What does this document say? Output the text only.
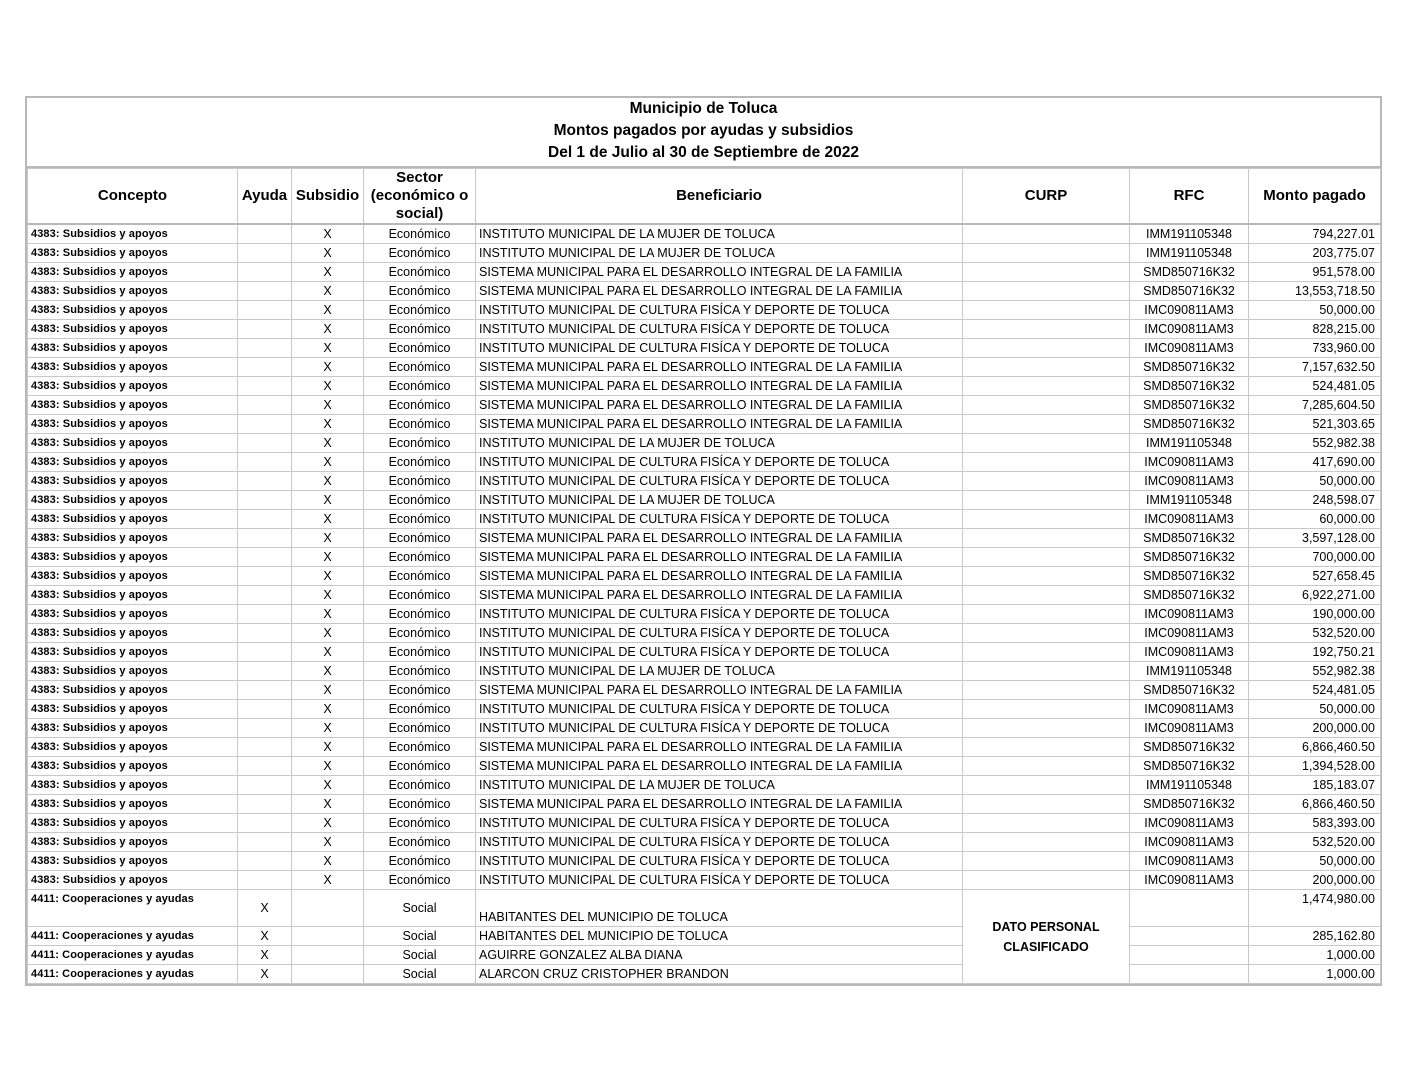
Municipio de Toluca
Montos pagados por ayudas y subsidios
Del 1 de Julio al 30 de Septiembre de 2022
Concepto	Ayuda	Subsidio	Sector (económico o social)	Beneficiario	CURP	RFC	Monto pagado
4383: Subsidios y apoyos		X	Económico	INSTITUTO MUNICIPAL DE LA MUJER DE TOLUCA		IMM191105348	794,227.01
4383: Subsidios y apoyos		X	Económico	INSTITUTO MUNICIPAL DE LA MUJER DE TOLUCA		IMM191105348	203,775.07
4383: Subsidios y apoyos		X	Económico	SISTEMA MUNICIPAL PARA EL DESARROLLO INTEGRAL DE LA FAMILIA		SMD850716K32	951,578.00
4383: Subsidios y apoyos		X	Económico	SISTEMA MUNICIPAL PARA EL DESARROLLO INTEGRAL DE LA FAMILIA		SMD850716K32	13,553,718.50
4383: Subsidios y apoyos		X	Económico	INSTITUTO MUNICIPAL DE CULTURA FISÍCA Y DEPORTE DE TOLUCA		IMC090811AM3	50,000.00
4383: Subsidios y apoyos		X	Económico	INSTITUTO MUNICIPAL DE CULTURA FISÍCA Y DEPORTE DE TOLUCA		IMC090811AM3	828,215.00
4383: Subsidios y apoyos		X	Económico	INSTITUTO MUNICIPAL DE CULTURA FISÍCA Y DEPORTE DE TOLUCA		IMC090811AM3	733,960.00
4383: Subsidios y apoyos		X	Económico	SISTEMA MUNICIPAL PARA EL DESARROLLO INTEGRAL DE LA FAMILIA		SMD850716K32	7,157,632.50
4383: Subsidios y apoyos		X	Económico	SISTEMA MUNICIPAL PARA EL DESARROLLO INTEGRAL DE LA FAMILIA		SMD850716K32	524,481.05
4383: Subsidios y apoyos		X	Económico	SISTEMA MUNICIPAL PARA EL DESARROLLO INTEGRAL DE LA FAMILIA		SMD850716K32	7,285,604.50
4383: Subsidios y apoyos		X	Económico	SISTEMA MUNICIPAL PARA EL DESARROLLO INTEGRAL DE LA FAMILIA		SMD850716K32	521,303.65
4383: Subsidios y apoyos		X	Económico	INSTITUTO MUNICIPAL DE LA MUJER DE TOLUCA		IMM191105348	552,982.38
4383: Subsidios y apoyos		X	Económico	INSTITUTO MUNICIPAL DE CULTURA FISÍCA Y DEPORTE DE TOLUCA		IMC090811AM3	417,690.00
4383: Subsidios y apoyos		X	Económico	INSTITUTO MUNICIPAL DE CULTURA FISÍCA Y DEPORTE DE TOLUCA		IMC090811AM3	50,000.00
4383: Subsidios y apoyos		X	Económico	INSTITUTO MUNICIPAL DE LA MUJER DE TOLUCA		IMM191105348	248,598.07
4383: Subsidios y apoyos		X	Económico	INSTITUTO MUNICIPAL DE CULTURA FISÍCA Y DEPORTE DE TOLUCA		IMC090811AM3	60,000.00
4383: Subsidios y apoyos		X	Económico	SISTEMA MUNICIPAL PARA EL DESARROLLO INTEGRAL DE LA FAMILIA		SMD850716K32	3,597,128.00
4383: Subsidios y apoyos		X	Económico	SISTEMA MUNICIPAL PARA EL DESARROLLO INTEGRAL DE LA FAMILIA		SMD850716K32	700,000.00
4383: Subsidios y apoyos		X	Económico	SISTEMA MUNICIPAL PARA EL DESARROLLO INTEGRAL DE LA FAMILIA		SMD850716K32	527,658.45
4383: Subsidios y apoyos		X	Económico	SISTEMA MUNICIPAL PARA EL DESARROLLO INTEGRAL DE LA FAMILIA		SMD850716K32	6,922,271.00
4383: Subsidios y apoyos		X	Económico	INSTITUTO MUNICIPAL DE CULTURA FISÍCA Y DEPORTE DE TOLUCA		IMC090811AM3	190,000.00
4383: Subsidios y apoyos		X	Económico	INSTITUTO MUNICIPAL DE CULTURA FISÍCA Y DEPORTE DE TOLUCA		IMC090811AM3	532,520.00
4383: Subsidios y apoyos		X	Económico	INSTITUTO MUNICIPAL DE CULTURA FISÍCA Y DEPORTE DE TOLUCA		IMC090811AM3	192,750.21
4383: Subsidios y apoyos		X	Económico	INSTITUTO MUNICIPAL DE LA MUJER DE TOLUCA		IMM191105348	552,982.38
4383: Subsidios y apoyos		X	Económico	SISTEMA MUNICIPAL PARA EL DESARROLLO INTEGRAL DE LA FAMILIA		SMD850716K32	524,481.05
4383: Subsidios y apoyos		X	Económico	INSTITUTO MUNICIPAL DE CULTURA FISÍCA Y DEPORTE DE TOLUCA		IMC090811AM3	50,000.00
4383: Subsidios y apoyos		X	Económico	INSTITUTO MUNICIPAL DE CULTURA FISÍCA Y DEPORTE DE TOLUCA		IMC090811AM3	200,000.00
4383: Subsidios y apoyos		X	Económico	SISTEMA MUNICIPAL PARA EL DESARROLLO INTEGRAL DE LA FAMILIA		SMD850716K32	6,866,460.50
4383: Subsidios y apoyos		X	Económico	SISTEMA MUNICIPAL PARA EL DESARROLLO INTEGRAL DE LA FAMILIA		SMD850716K32	1,394,528.00
4383: Subsidios y apoyos		X	Económico	INSTITUTO MUNICIPAL DE LA MUJER DE TOLUCA		IMM191105348	185,183.07
4383: Subsidios y apoyos		X	Económico	SISTEMA MUNICIPAL PARA EL DESARROLLO INTEGRAL DE LA FAMILIA		SMD850716K32	6,866,460.50
4383: Subsidios y apoyos		X	Económico	INSTITUTO MUNICIPAL DE CULTURA FISÍCA Y DEPORTE DE TOLUCA		IMC090811AM3	583,393.00
4383: Subsidios y apoyos		X	Económico	INSTITUTO MUNICIPAL DE CULTURA FISÍCA Y DEPORTE DE TOLUCA		IMC090811AM3	532,520.00
4383: Subsidios y apoyos		X	Económico	INSTITUTO MUNICIPAL DE CULTURA FISÍCA Y DEPORTE DE TOLUCA		IMC090811AM3	50,000.00
4383: Subsidios y apoyos		X	Económico	INSTITUTO MUNICIPAL DE CULTURA FISÍCA Y DEPORTE DE TOLUCA		IMC090811AM3	200,000.00
4411: Cooperaciones y ayudas	X		Social	HABITANTES DEL MUNICIPIO DE TOLUCA	DATO PERSONAL CLASIFICADO		1,474,980.00
4411: Cooperaciones y ayudas	X		Social	HABITANTES DEL MUNICIPIO DE TOLUCA			285,162.80
4411: Cooperaciones y ayudas	X		Social	AGUIRRE GONZALEZ ALBA DIANA			1,000.00
4411: Cooperaciones y ayudas	X		Social	ALARCON CRUZ CRISTOPHER BRANDON			1,000.00
